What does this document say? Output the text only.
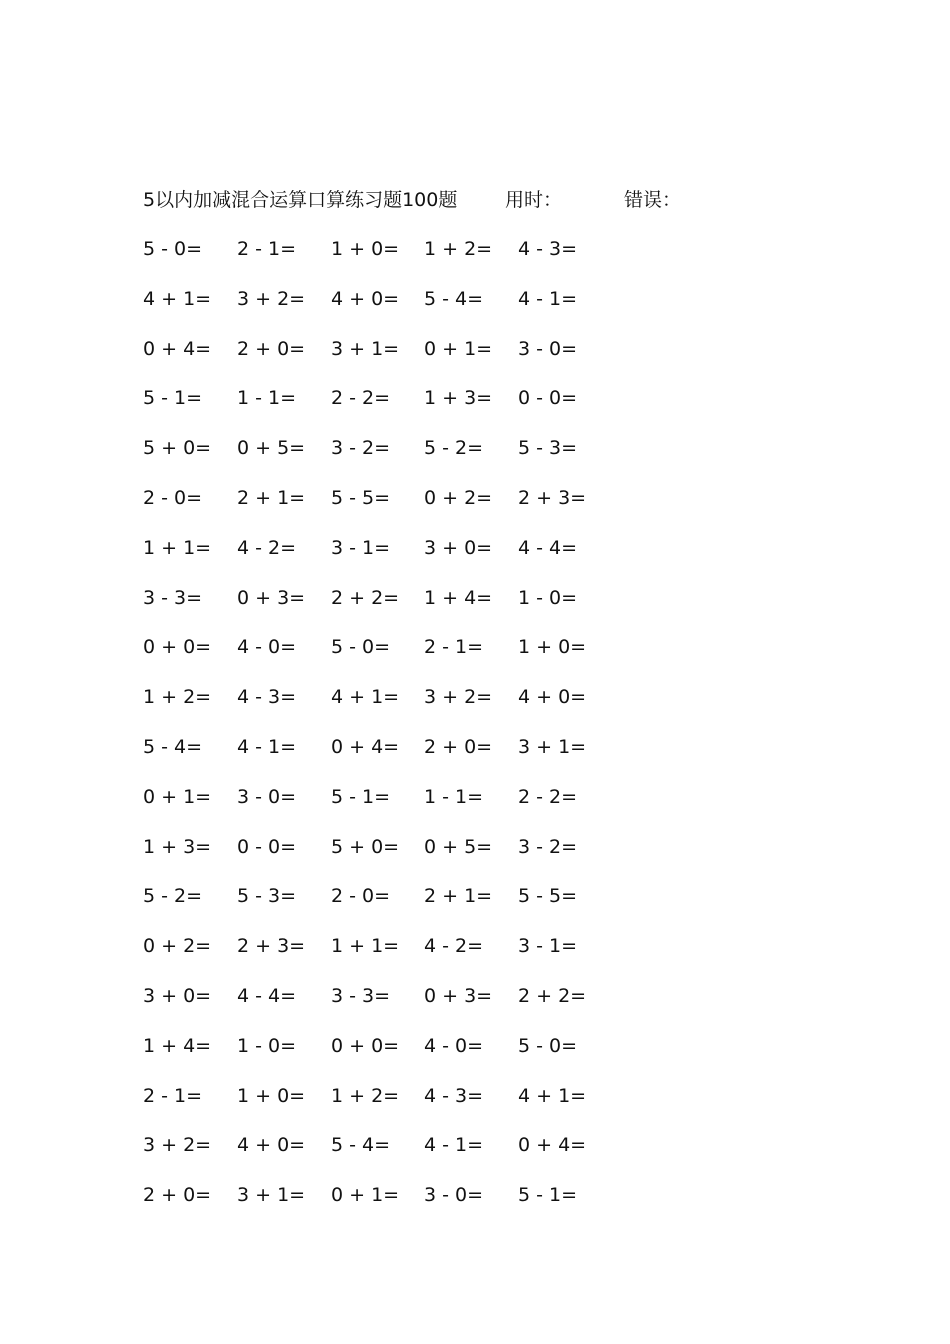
5以内加减混合运算口算练习题100题	用时：	错误：
5 - 0=	2 - 1=	1 + 0=	1 + 2=	4 - 3=
4 + 1=	3 + 2=	4 + 0=	5 - 4=	4 - 1=
0 + 4=	2 + 0=	3 + 1=	0 + 1=	3 - 0=
5 - 1=	1 - 1=	2 - 2=	1 + 3=	0 - 0=
5 + 0=	0 + 5=	3 - 2=	5 - 2=	5 - 3=
2 - 0=	2 + 1=	5 - 5=	0 + 2=	2 + 3=
1 + 1=	4 - 2=	3 - 1=	3 + 0=	4 - 4=
3 - 3=	0 + 3=	2 + 2=	1 + 4=	1 - 0=
0 + 0=	4 - 0=	5 - 0=	2 - 1=	1 + 0=
1 + 2=	4 - 3=	4 + 1=	3 + 2=	4 + 0=
5 - 4=	4 - 1=	0 + 4=	2 + 0=	3 + 1=
0 + 1=	3 - 0=	5 - 1=	1 - 1=	2 - 2=
1 + 3=	0 - 0=	5 + 0=	0 + 5=	3 - 2=
5 - 2=	5 - 3=	2 - 0=	2 + 1=	5 - 5=
0 + 2=	2 + 3=	1 + 1=	4 - 2=	3 - 1=
3 + 0=	4 - 4=	3 - 3=	0 + 3=	2 + 2=
1 + 4=	1 - 0=	0 + 0=	4 - 0=	5 - 0=
2 - 1=	1 + 0=	1 + 2=	4 - 3=	4 + 1=
3 + 2=	4 + 0=	5 - 4=	4 - 1=	0 + 4=
2 + 0=	3 + 1=	0 + 1=	3 - 0=	5 - 1=
